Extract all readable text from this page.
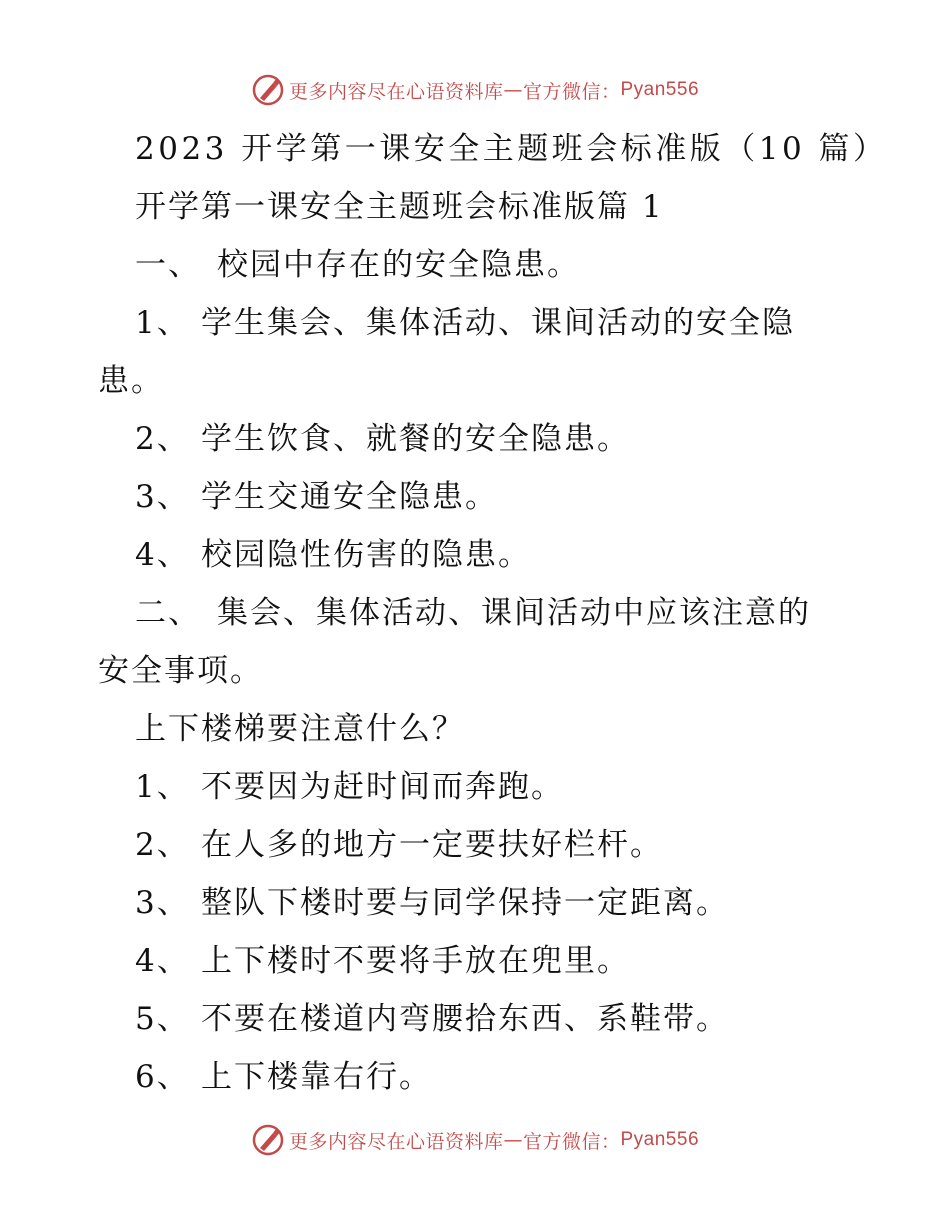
更多内容尽在心语资料库 — 官方微信： Pyan556
2023 开学第一课安全主题班会标准版（10 篇）
开学第一课安全主题班会标准版篇 1
一、 校园中存在的安全隐患。
1、 学生集会、集体活动、课间活动的安全隐
患。
2、 学生饮食、就餐的安全隐患。
3、 学生交通安全隐患。
4、 校园隐性伤害的隐患。
二、 集会、集体活动、课间活动中应该注意的
安全事项。
上下楼梯要注意什么？
1、 不要因为赶时间而奔跑。
2、 在人多的地方一定要扶好栏杆。
3、 整队下楼时要与同学保持一定距离。
4、 上下楼时不要将手放在兜里。
5、 不要在楼道内弯腰拾东西、系鞋带。
6、 上下楼靠右行。
更多内容尽在心语资料库 — 官方微信： Pyan556
